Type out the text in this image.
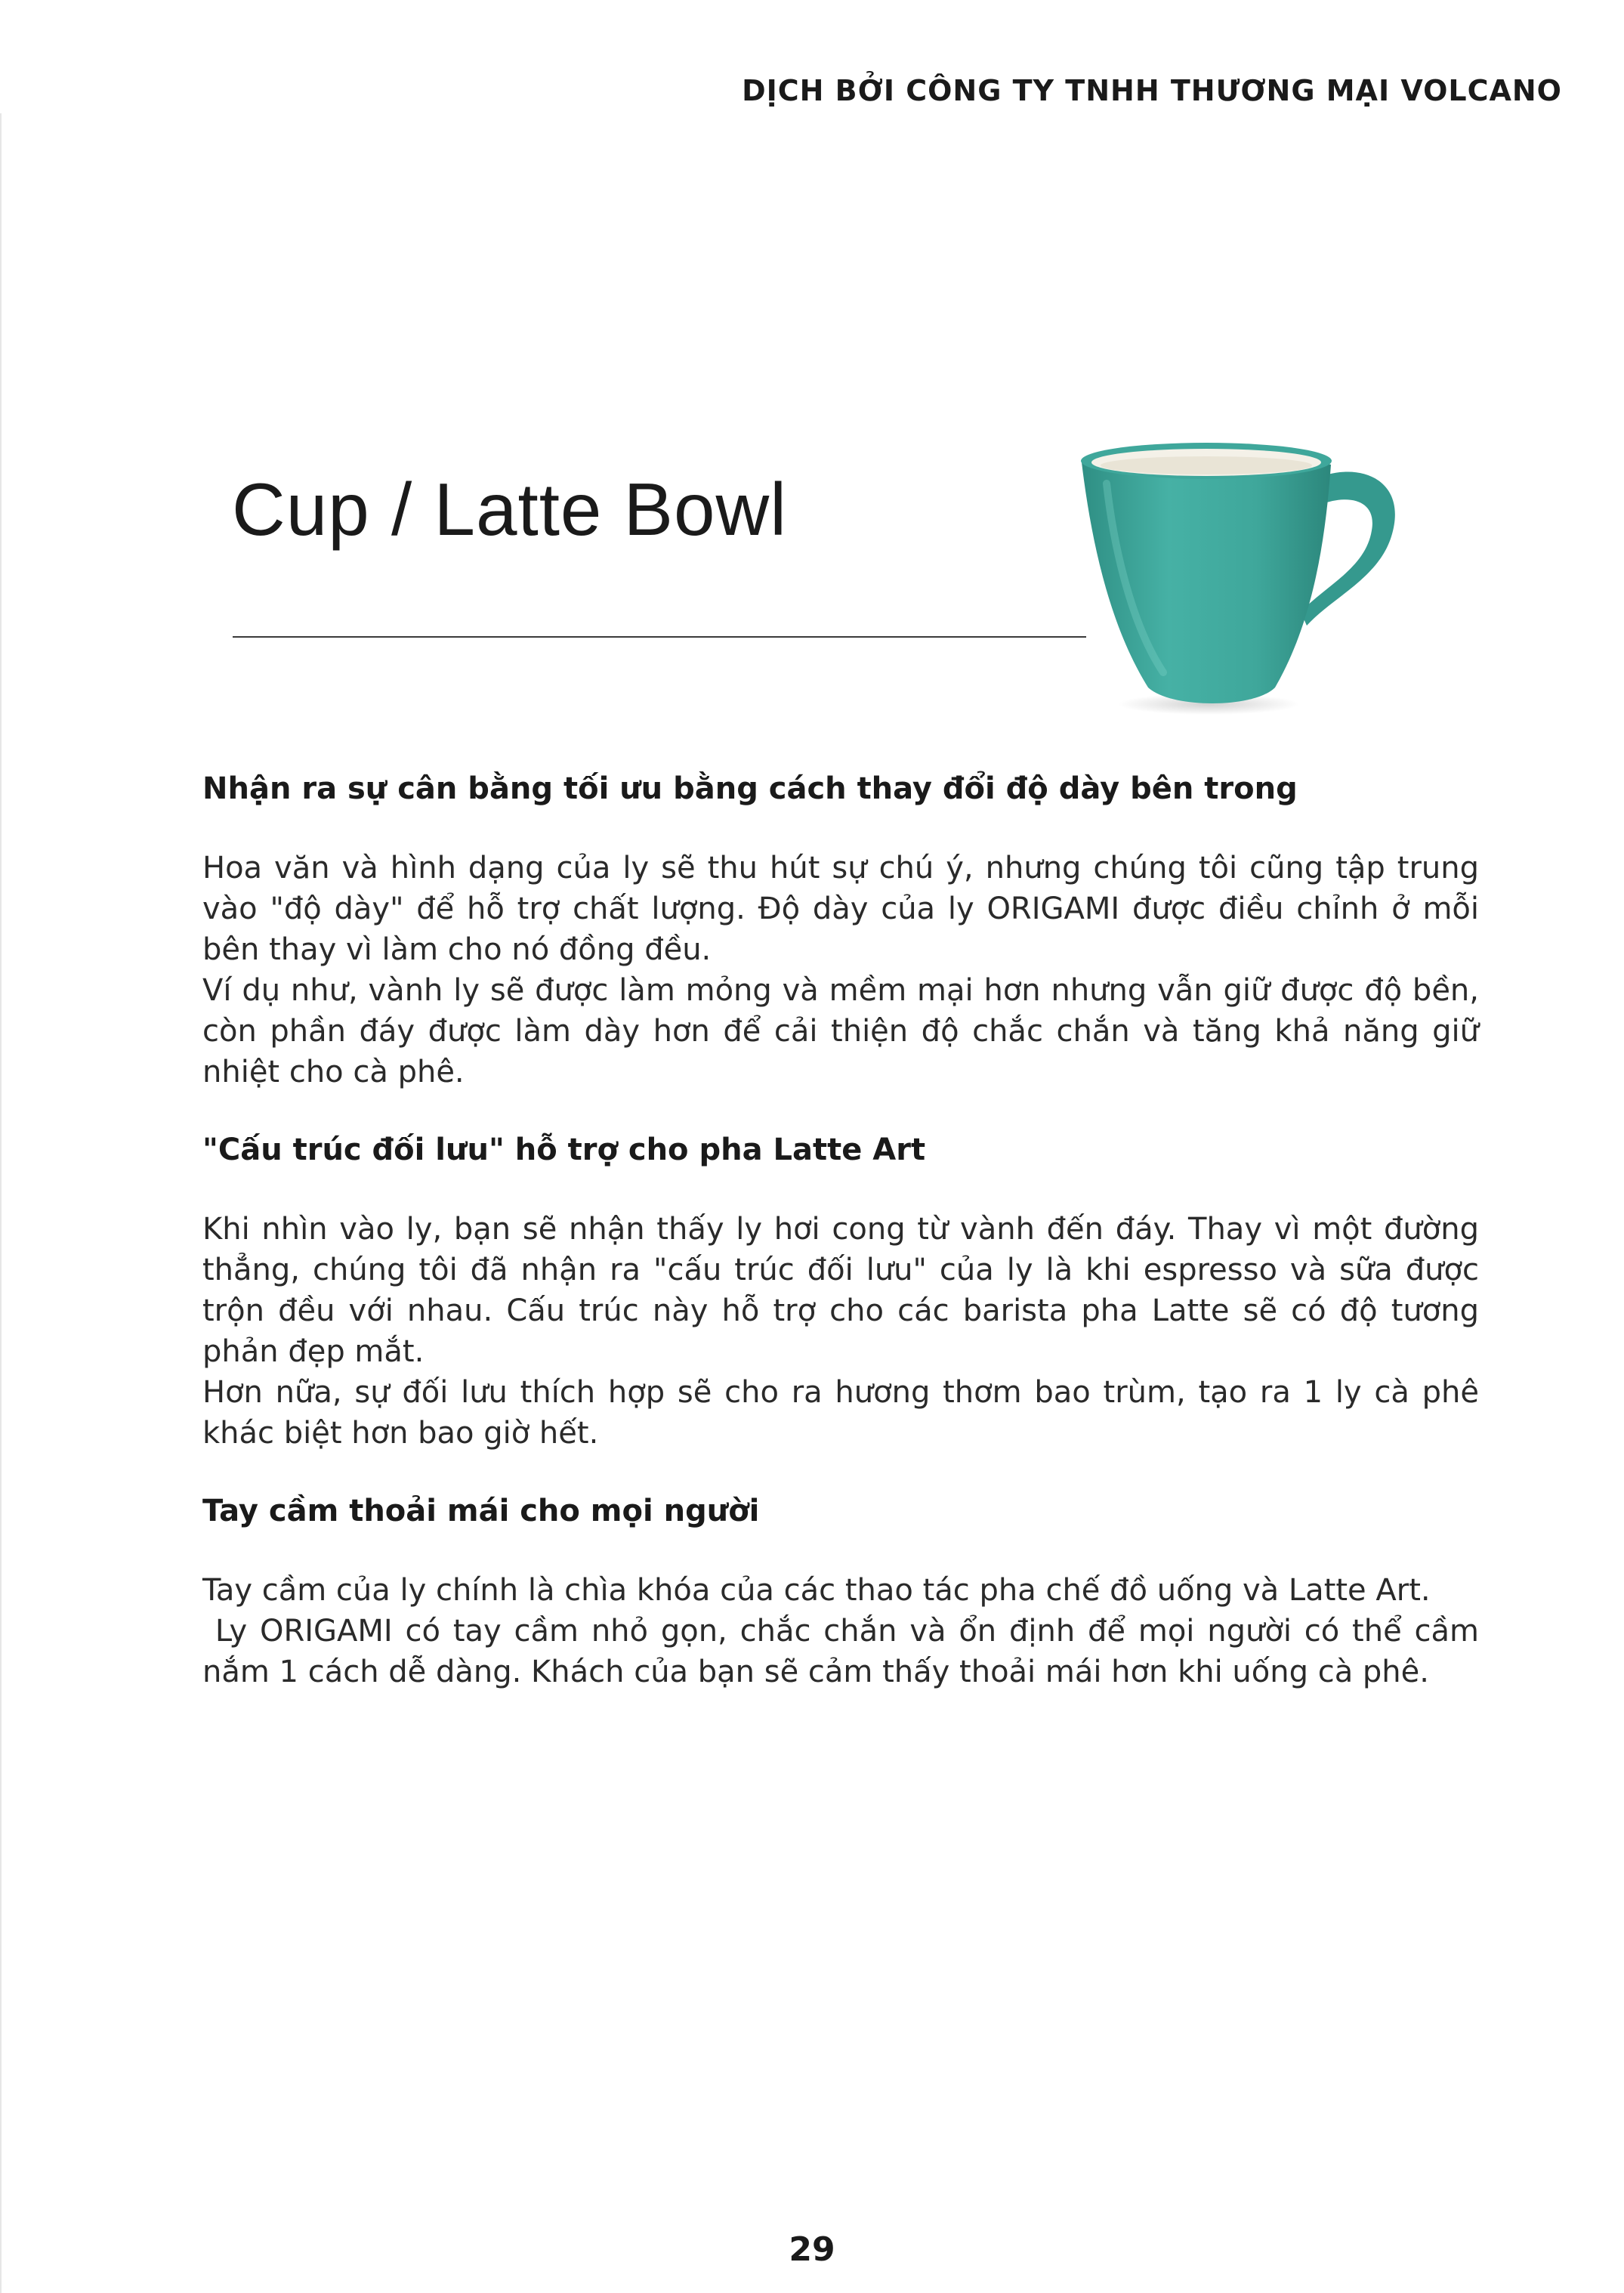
DỊCH BỞI CÔNG TY TNHH THƯƠNG MẠI VOLCANO
Cup / Latte Bowl

Nhận ra sự cân bằng tối ưu bằng cách thay đổi độ dày bên trong

Hoa văn và hình dạng của ly sẽ thu hút sự chú ý, nhưng chúng tôi cũng tập trung vào "độ dày" để hỗ trợ chất lượng. Độ dày của ly ORIGAMI được điều chỉnh ở mỗi bên thay vì làm cho nó đồng đều.

Ví dụ như, vành ly sẽ được làm mỏng và mềm mại hơn nhưng vẫn giữ được độ bền, còn phần đáy được làm dày hơn để cải thiện độ chắc chắn và tăng khả năng giữ nhiệt cho cà phê.

"Cấu trúc đối lưu" hỗ trợ cho pha Latte Art

Khi nhìn vào ly, bạn sẽ nhận thấy ly hơi cong từ vành đến đáy. Thay vì một đường thẳng, chúng tôi đã nhận ra "cấu trúc đối lưu" của ly là khi espresso và sữa được trộn đều với nhau. Cấu trúc này hỗ trợ cho các barista pha Latte sẽ có độ tương phản đẹp mắt.

Hơn nữa, sự đối lưu thích hợp sẽ cho ra hương thơm bao trùm, tạo ra 1 ly cà phê khác biệt hơn bao giờ hết.

Tay cầm thoải mái cho mọi người

Tay cầm của ly chính là chìa khóa của các thao tác pha chế đồ uống và Latte Art.

Ly ORIGAMI có tay cầm nhỏ gọn, chắc chắn và ổn định để mọi người có thể cầm nắm 1 cách dễ dàng. Khách của bạn sẽ cảm thấy thoải mái hơn khi uống cà phê.

29
